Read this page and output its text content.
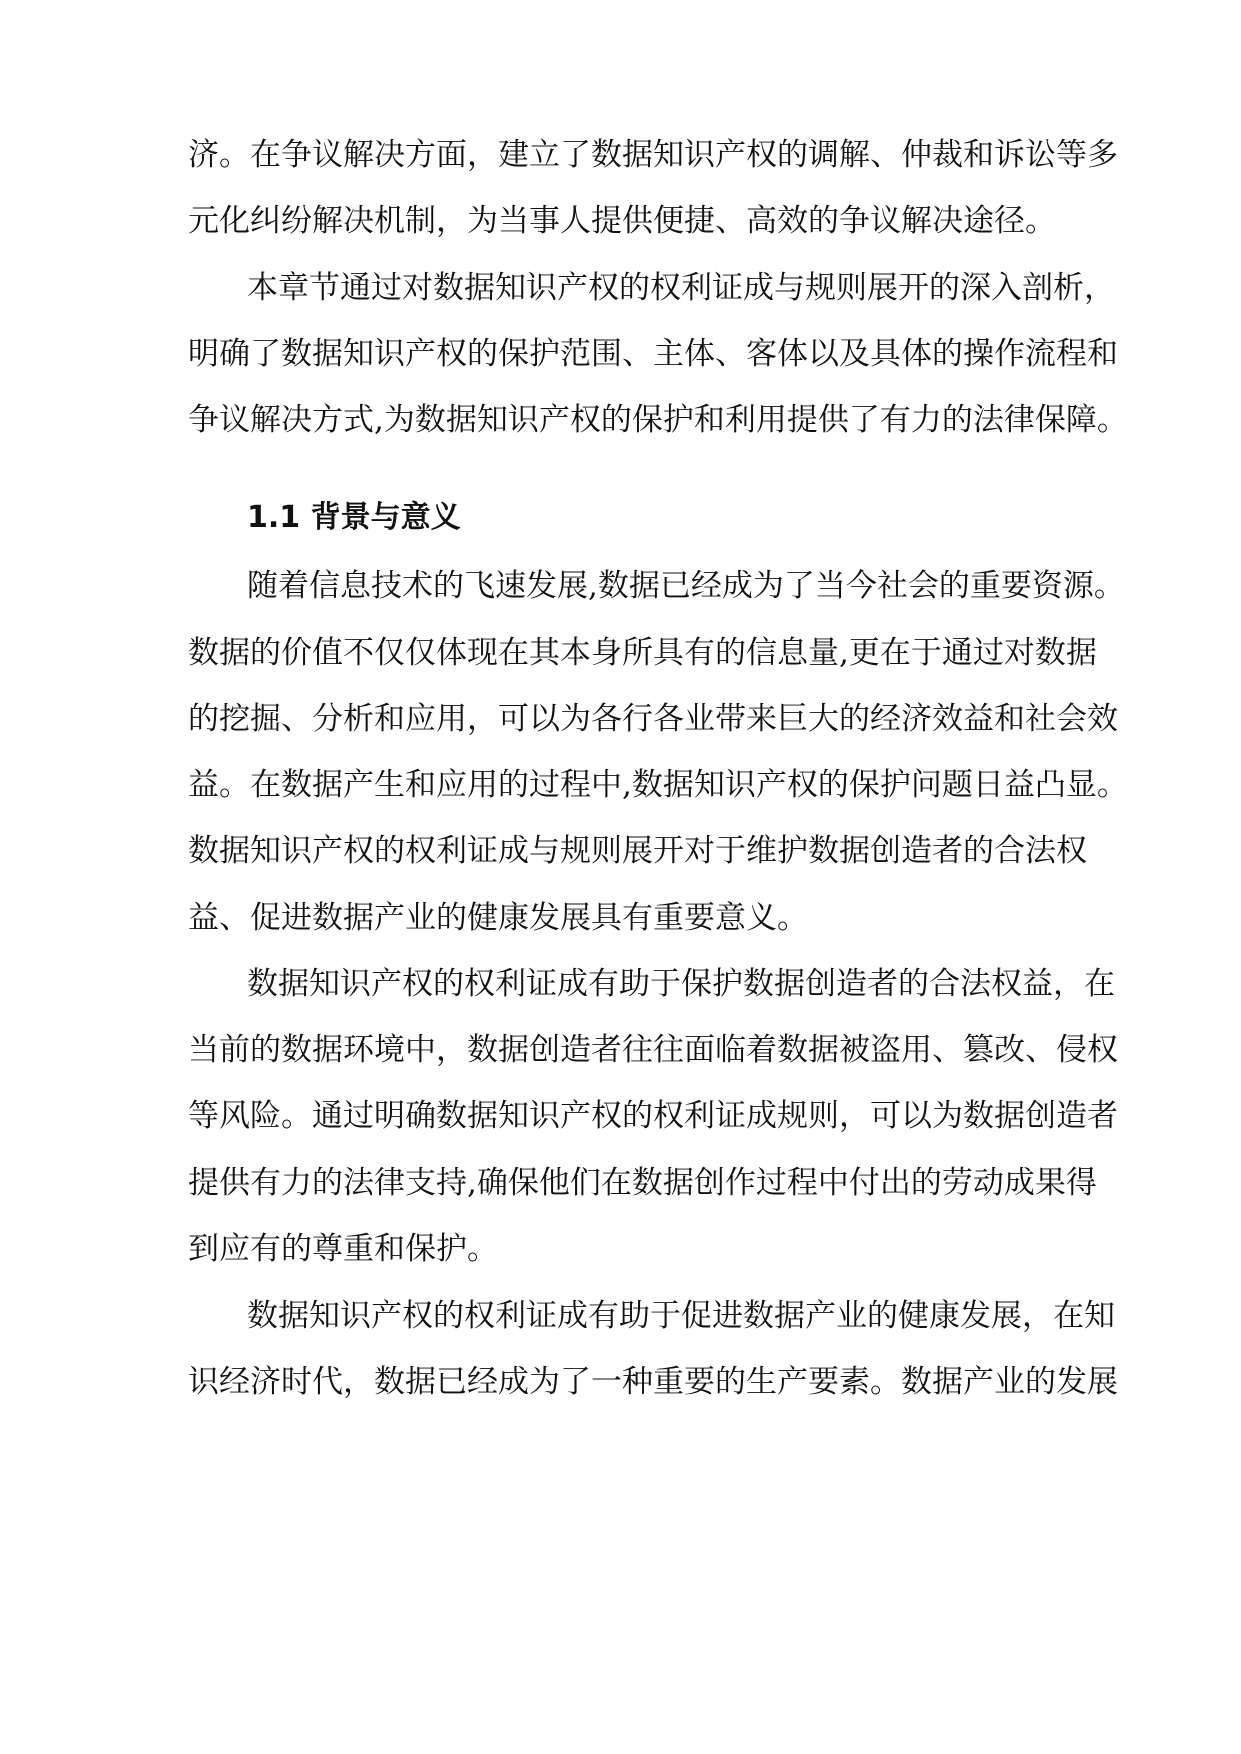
济。在争议解决方面，建立了数据知识产权的调解、仲裁和诉讼等多
元化纠纷解决机制，为当事人提供便捷、高效的争议解决途径。
本章节通过对数据知识产权的权利证成与规则展开的深入剖析，
明确了数据知识产权的保护范围、主体、客体以及具体的操作流程和
争议解决方式,为数据知识产权的保护和利用提供了有力的法律保障。
1.1 背景与意义
随着信息技术的飞速发展,数据已经成为了当今社会的重要资源。
数据的价值不仅仅体现在其本身所具有的信息量,更在于通过对数据
的挖掘、分析和应用，可以为各行各业带来巨大的经济效益和社会效
益。在数据产生和应用的过程中,数据知识产权的保护问题日益凸显。
数据知识产权的权利证成与规则展开对于维护数据创造者的合法权
益、促进数据产业的健康发展具有重要意义。
数据知识产权的权利证成有助于保护数据创造者的合法权益，在
当前的数据环境中，数据创造者往往面临着数据被盗用、篡改、侵权
等风险。通过明确数据知识产权的权利证成规则，可以为数据创造者
提供有力的法律支持,确保他们在数据创作过程中付出的劳动成果得
到应有的尊重和保护。
数据知识产权的权利证成有助于促进数据产业的健康发展，在知
识经济时代，数据已经成为了一种重要的生产要素。数据产业的发展
